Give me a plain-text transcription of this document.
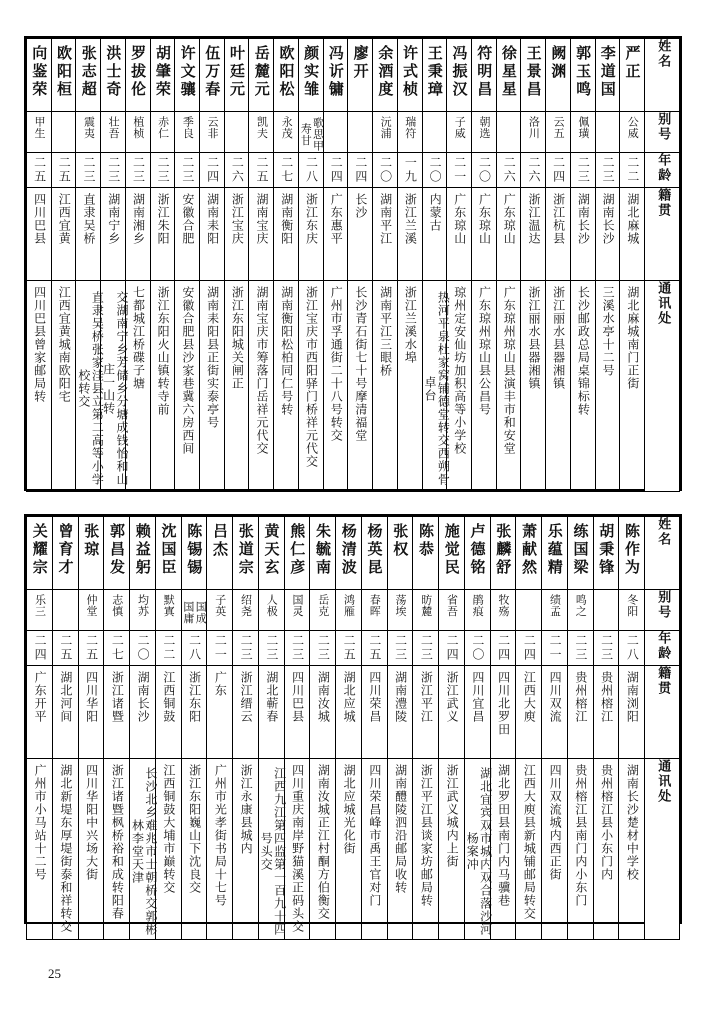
向鉴荣	欧阳桓	张志超	洪士奇	罗拔伦	胡肇荣	许文骧	伍万春	叶廷元	岳麓元	欧阳松	颜实雏	冯䜣镛	廖开	余酒度	许式桢	王秉璋	冯振汉	符明昌	徐星星	王景昌	阙渊	郭玉鸣	李道国	严正	姓名

甲生		震夷	壮吾	植桢	赤仁	季良	云非		凯夫	永茂	歌思甲 寿甘			沅浦	瑞符		子威	朝选		洛川	云五	佩璜		公威	别号

二五	二五	二三	二三	二三	二三	二三	二四	二六	二五	二七	二八	二四	二四	二〇	一九	二〇	二一	二〇	二六	二六	二四	二三	二三	二二	年龄

四川巴县	江西宜黄	直隶吴桥	湖南宁乡	湖南湘乡	浙江朱阳	安徽合肥	湖南耒阳	浙江宝庆	湖南宝庆	湖南衡阳	浙江东庆	广东惠平	长沙	湖南平江	浙江兰溪	内蒙古	广东琼山	广东琼山	广东琼山	浙江温达	浙江杭县	湖南长沙	湖南长沙	湖北麻城	籍贯

四川巴县曾家邮局转	江西宜黄城南欧阳宅	直隶吴桥张家洼县立第二高等小学校转交	交湖南宁乡芳储乡分塘成钱怡和山庄一山转	七都城江桥碟子塘	浙江东阳火山镇转寺前	安徽合肥县沙家巷冀六房西间	湖南耒阳县正街实泰亭号	浙江东阳城关闸正	湖南宝庆市筹落门岳祥元代交	湖南衡阳松柏同仁号转	浙江宝庆市西阳驿门桥祥元代交	广州市孚通街二十八号转交	长沙青石街七十号摩清福堂	湖南平江三眼桥	浙江兰溪水埠	热河平泉杜家窝铺德堂转交西朔骨卓台	琼州定安仙坊加积高等小学校	广东琼州琼山县公昌号	广东琼州琼山县演丰市和安堂	浙江丽水县器湘镇	浙江丽水县器湘镇	长沙邮政总局桌锦标转	三溪水亭十二号	湖北麻城南门正街	通讯处
关耀宗	曾育才	张琼	郭昌发	赖益躬	沈国臣	陈锡锡	吕杰	张道宗	黄天玄	熊仁彦	朱毓南	杨清波	杨英昆	张权	陈恭	施觉民	卢德铭	张麟舒	萧献然	乐蕴精	练国梁	胡秉锋	陈作为	姓名

乐三		仲堂	志慎	均苏	默寘	国成 国庸	子英	绍尧	人极	国灵	岳克	鸿雁	春晖	荡埃	昉麓	省吾	鹃痕	牧殇		绩孟	鸣之		冬阳	别号

二四	二五	二五	二七	二〇	二二	二八	二一	二三	二三	二三	二三	二五	二五	二三	二三	二四	二〇	二四	二四	二一	二三	二三	二八	年龄

广东开平	湖北河间	四川华阳	浙江诸暨	湖南长沙	江西铜鼓	浙江东阳	广东	浙江缙云	湖北蕲春	四川巴县	湖南汝城	湖北应城	四川荣昌	湖南澧陵	浙江平江	浙江武义	四川宜昌	四川北罗田	江西大庾	四川双流	贵州榕江	贵州榕江	湖南浏阳	籍贯

广州市小马站十二号	湖北新堤东厚堤街泰和祥转交	四川华阳中兴场大街	浙江诸暨枫桥裕和成转阳春	长沙北乡难兆市士朝桥交郭彬林李堂天津	江西铜鼓大埔市巅转交	浙江东阳巍山下沈良交	广州市光孝街书局十七号	浙江永康县城内	江西九江第四监第一百九十四号头交	四川重庆南岸野猫溪正码头交	湖南汝城正江村酮方伯衡交	湖北应城光化街	四川荣昌峰市禹王官对门	湖南醴陵泗沿邮局收转	浙江平江县谈家坊邮局转	浙江武义城内上街	湖北宜宾双市城内双合落沙河杨案冲	湖北罗田县南门内马骥巷	江西大庾县新城铺邮局转交	四川双流城内西正街	贵州榕江县南门内小东门	贵州榕江县小东门内	湖南长沙楚材中学校	通讯处
25
